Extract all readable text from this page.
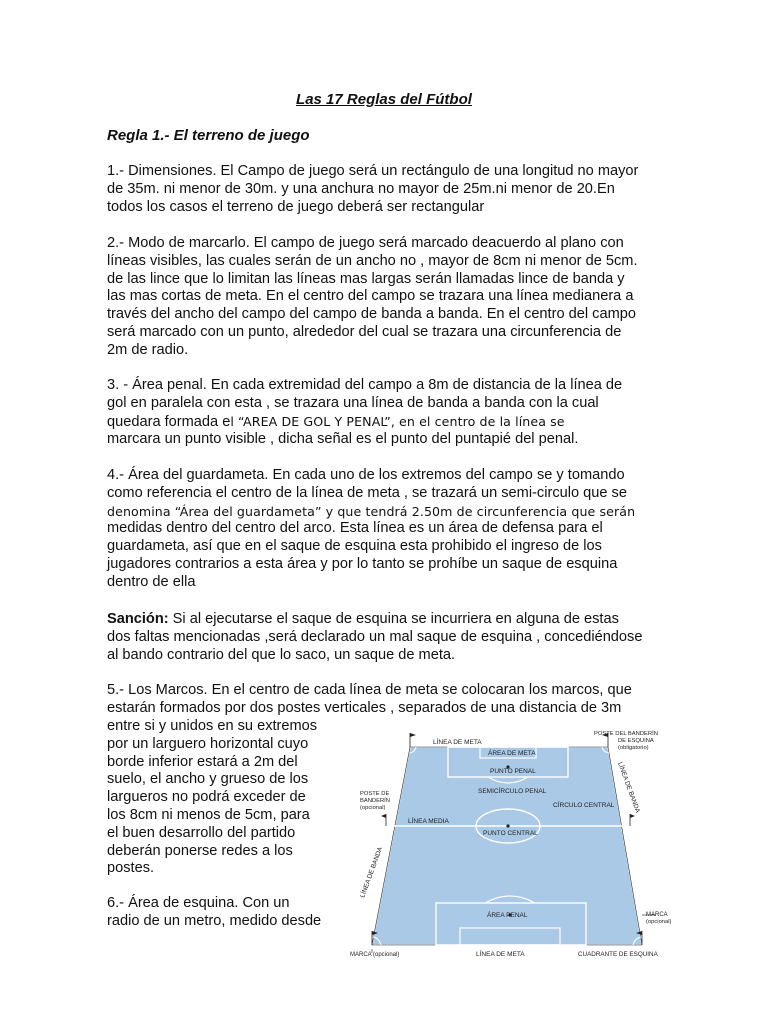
Las 17 Reglas del Fútbol
Regla 1.- El terreno de juego
1.- Dimensiones. El Campo de juego será un rectángulo de una longitud no mayor
de 35m. ni menor de 30m. y una anchura no mayor de 25m.ni menor de 20.En
todos los casos el terreno de juego deberá ser rectangular
2.- Modo de marcarlo. El campo de juego será marcado deacuerdo al plano con
líneas visibles, las cuales serán de un ancho no , mayor de 8cm ni menor de 5cm.
de las lince que lo limitan las líneas mas largas serán llamadas lince de banda y
las mas cortas de meta. En el centro del campo se trazara una línea medianera a
través del ancho del campo del campo de banda a banda. En el centro del campo
será marcado con un punto, alrededor del cual se trazara una circunferencia de
2m de radio.
3. - Área penal. En cada extremidad del campo a 8m de distancia de la línea de
gol en paralela con esta , se trazara una línea de banda a banda con la cual
quedara formada el “AREA DE GOL Y PENAL”, en el centro de la línea se
marcara un punto visible , dicha señal es el punto del puntapié del penal.
4.- Área del guardameta. En cada uno de los extremos del campo se y tomando
como referencia el centro de la línea de meta , se trazará un semi-circulo que se
denomina “Área del guardameta” y que tendrá 2.50m de circunferencia que serán
medidas dentro del centro del arco. Esta línea es un área de defensa para el
guardameta, así que en el saque de esquina esta prohibido el ingreso de los
jugadores contrarios a esta área y por lo tanto se prohíbe un saque de esquina
dentro de ella
Sanción: Si al ejecutarse el saque de esquina se incurriera en alguna de estas
dos faltas mencionadas ,será declarado un mal saque de esquina , concediéndose
al bando contrario del que lo saco, un saque de meta.
5.- Los Marcos. En el centro de cada línea de meta se colocaran los marcos, que
estarán formados por dos postes verticales , separados de una distancia de 3m
entre si y unidos en su extremos
por un larguero horizontal cuyo
borde inferior estará a 2m del
suelo, el ancho y grueso de los
largueros no podrá exceder de
los 8cm ni menos de 5cm, para
el buen desarrollo del partido
deberán ponerse redes a los
postes.
6.- Área de esquina. Con un
radio de un metro, medido desde
LÍNEA DE META
ÁREA DE META
POSTE DEL BANDERÍN
DE ESQUINA
(obligatorio)
PUNTO PENAL	LÍNEA DE BANDA
SEMICÍRCULO PENAL
POSTE DE
BANDERÍN
(opcional)	CÍRCULO CENTRAL
LÍNEA MEDIA
PUNTO CENTRAL
LÍNEA DE BANDA
ÁREA PENAL	MARCA
(opcional)
MARCA (opcional)	LÍNEA DE META	CUADRANTE DE ESQUINA
